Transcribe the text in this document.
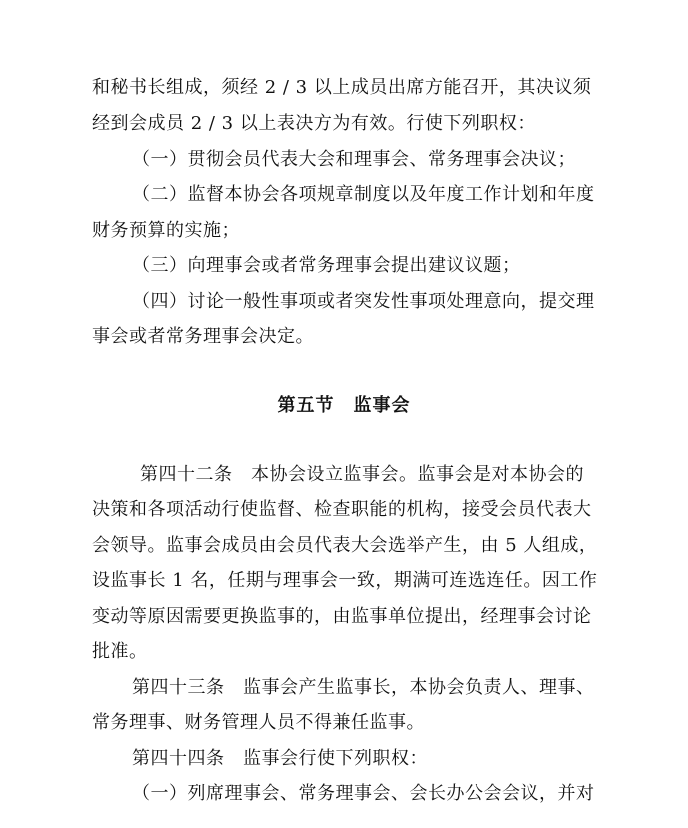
和秘书长组成，须经 2 / 3 以上成员出席方能召开，其决议须
经到会成员 2 / 3 以上表决方为有效。行使下列职权：
（一）贯彻会员代表大会和理事会、常务理事会决议；
（二）监督本协会各项规章制度以及年度工作计划和年度
财务预算的实施；
（三）向理事会或者常务理事会提出建议议题；
（四）讨论一般性事项或者突发性事项处理意向，提交理
事会或者常务理事会决定。
第五节　监事会
第四十二条　本协会设立监事会。监事会是对本协会的
决策和各项活动行使监督、检查职能的机构，接受会员代表大
会领导。监事会成员由会员代表大会选举产生，由 5 人组成，
设监事长 1 名，任期与理事会一致，期满可连选连任。因工作
变动等原因需要更换监事的，由监事单位提出，经理事会讨论
批准。
第四十三条　监事会产生监事长，本协会负责人、理事、
常务理事、财务管理人员不得兼任监事。
第四十四条　监事会行使下列职权：
（一）列席理事会、常务理事会、会长办公会会议，并对
